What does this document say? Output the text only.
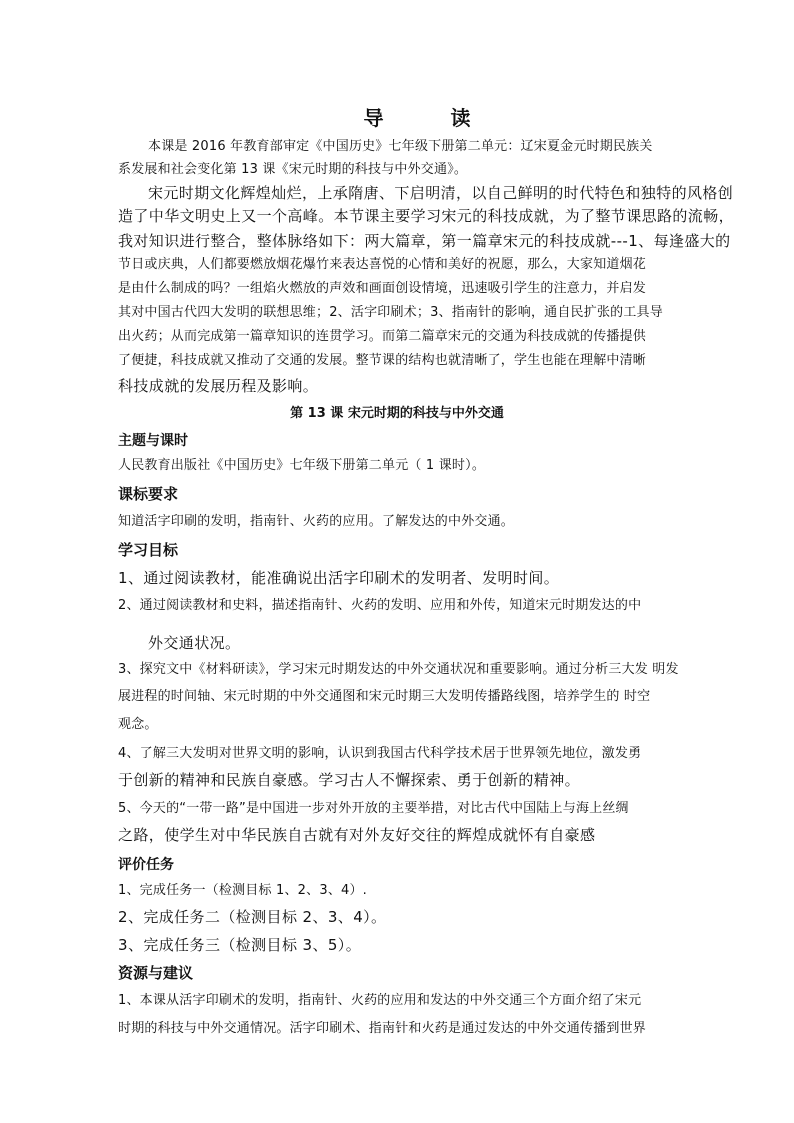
导 读
本课是 2016 年教育部审定《中国历史》七年级下册第二单元：辽宋夏金元时期民族关
系发展和社会变化第 13 课《宋元时期的科技与中外交通》。
宋元时期文化辉煌灿烂，上承隋唐、下启明清，以自己鲜明的时代特色和独特的风格创
造了中华文明史上又一个高峰。本节课主要学习宋元的科技成就，为了整节课思路的流畅，
我对知识进行整合，整体脉络如下：两大篇章，第一篇章宋元的科技成就---1、每逢盛大的
节日或庆典，人们都要燃放烟花爆竹来表达喜悦的心情和美好的祝愿，那么，大家知道烟花
是由什么制成的吗？一组焰火燃放的声效和画面创设情境，迅速吸引学生的注意力，并启发
其对中国古代四大发明的联想思维；2、活字印刷术；3、指南针的影响，通自民扩张的工具导
出火药；从而完成第一篇章知识的连贯学习。而第二篇章宋元的交通为科技成就的传播提供
了便捷，科技成就又推动了交通的发展。整节课的结构也就清晰了，学生也能在理解中清晰
科技成就的发展历程及影响。
第 13 课 宋元时期的科技与中外交通
主题与课时
人民教育出版社《中国历史》七年级下册第二单元（ 1 课时）。
课标要求
知道活字印刷的发明，指南针、火药的应用。了解发达的中外交通。
学习目标
1、通过阅读教材，能准确说出活字印刷术的发明者、发明时间。
2、通过阅读教材和史料，描述指南针、火药的发明、应用和外传，知道宋元时期发达的中
外交通状况。
3、探究文中《材料研读》，学习宋元时期发达的中外交通状况和重要影响。通过分析三大发 明发
展进程的时间轴、宋元时期的中外交通图和宋元时期三大发明传播路线图，培养学生的 时空
观念。
4、了解三大发明对世界文明的影响，认识到我国古代科学技术居于世界领先地位，激发勇
于创新的精神和民族自豪感。学习古人不懈探索、勇于创新的精神。
5、今天的“一带一路”是中国进一步对外开放的主要举措，对比古代中国陆上与海上丝绸
之路，使学生对中华民族自古就有对外友好交往的辉煌成就怀有自豪感
评价任务
1、完成任务一（检测目标 1、2、3、4）.
2、完成任务二（检测目标 2、3、4）。
3、完成任务三（检测目标 3、5）。
资源与建议
1、本课从活字印刷术的发明，指南针、火药的应用和发达的中外交通三个方面介绍了宋元
时期的科技与中外交通情况。活字印刷术、指南针和火药是通过发达的中外交通传播到世界
